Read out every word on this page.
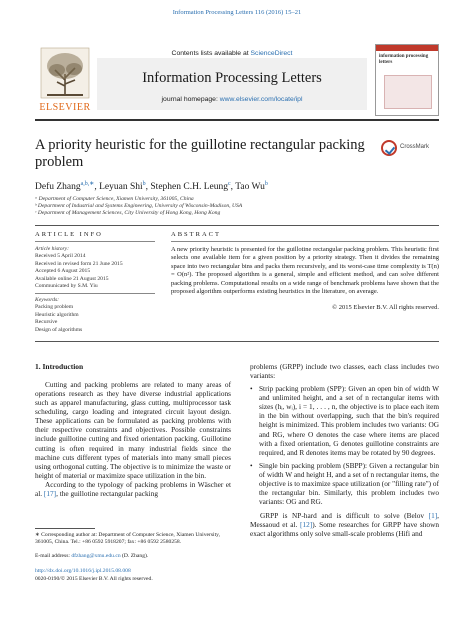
Information Processing Letters 116 (2016) 15–21
ELSEVIER
Contents lists available at ScienceDirect
Information Processing Letters
journal homepage: www.elsevier.com/locate/ipl
information processing letters
A priority heuristic for the guillotine rectangular packing problem
CrossMark
Defu Zhang$^{a,b,∗}$, Leyuan Shi$^b$, Stephen C.H. Leung$^c$, Tao Wu$^b$
ᵃ Department of Computer Science, Xiamen University, 361005, China
ᵇ Department of Industrial and Systems Engineering, University of Wisconsin-Madison, USA
ᶜ Department of Management Sciences, City University of Hong Kong, Hong Kong
ARTICLE INFO	ABSTRACT
Article history:
Received 5 April 2014
Received in revised form 21 June 2015
Accepted 6 August 2015
Available online 21 August 2015
Communicated by S.M. Yiu
Keywords:
Packing problem
Heuristic algorithm
Recursive
Design of algorithms
A new priority heuristic is presented for the guillotine rectangular packing problem. This heuristic first selects one available item for a given position by a priority strategy. Then it divides the remaining space into two rectangular bins and packs them recursively, and its worst-case time complexity is T(n) = O(n²). The proposed algorithm is a general, simple and efficient method, and can solve different packing problems. Computational results on a wide range of benchmark problems have shown that the proposed algorithm outperforms existing heuristics in the literature, on average.
© 2015 Elsevier B.V. All rights reserved.
1. Introduction

Cutting and packing problems are related to many areas of operations research as they have diverse industrial applications such as apparel manufacturing, glass cutting, multiprocessor task scheduling, cargo loading and integrated circuit layout design. These applications can be formulated as packing problems with their respective constraints and objectives. Possible constraints include guillotine cutting and fixed orientation packing. Guillotine cutting is often required in many industrial fields since the machine cuts different types of materials into many small pieces using orthogonal cutting. The objective is to minimize the waste or height of material or maximize space utilization in the bin.

According to the typology of packing problems in Wäscher et al. [17], the guillotine rectangular packing

problems (GRPP) include two classes, each class includes two variants:

• Strip packing problem (SPP): Given an open bin of width W and unlimited height, and a set of n rectangular items with sizes (hᵢ, wᵢ), i = 1, . . . , n, the objective is to place each item in the bin without overlapping, such that the bin's required height is minimized. This problem includes two variants: OG and RG, where O denotes the case where items are placed with a fixed orientation, G denotes guillotine constraints are required, and R denotes items may be rotated by 90 degrees.

• Single bin packing problem (SBPP): Given a rectangular bin of width W and height H, and a set of n rectangular items, the objective is to maximize space utilization (or "filling rate") of the rectangular bin. Similarly, this problem includes two variants: OG and RG.

GRPP is NP-hard and is difficult to solve (Belov [1], Messaoud et al. [12]). Some researches for GRPP have shown exact algorithms only solve small-scale problems (Hifi and

∗ Corresponding author at: Department of Computer Science, Xiamen University, 361005, China. Tel.: +86 0592 5918207; fax: +86 0592 2580258.
E-mail address: dfzhang@xmu.edu.cn (D. Zhang).
http://dx.doi.org/10.1016/j.ipl.2015.08.008
0020-0190/© 2015 Elsevier B.V. All rights reserved.
